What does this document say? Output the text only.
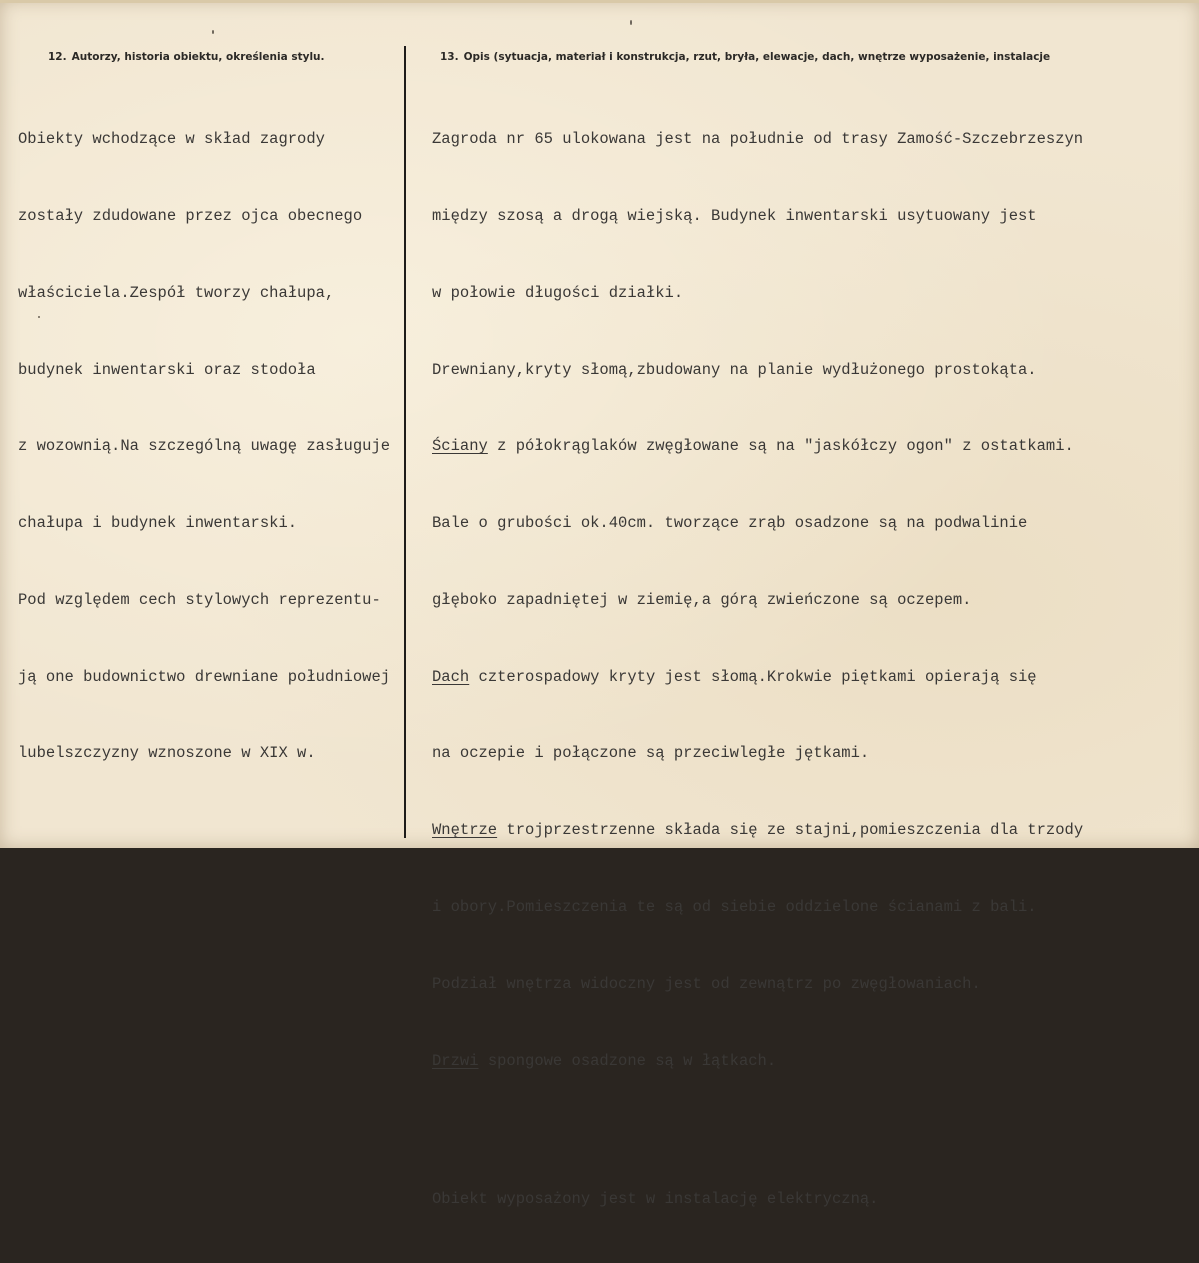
12. Autorzy, historia obiektu, określenia stylu.	13. Opis (sytuacja, materiał i konstrukcja, rzut, bryła, elewacje, dach, wnętrze wyposażenie, instalacje

Obiekty wchodzące w skład zagrody

zostały zdudowane przez ojca obecnego

właściciela.Zespół tworzy chałupa,

budynek inwentarski oraz stodoła

z wozownią.Na szczególną uwagę zasługuje

chałupa i budynek inwentarski.

Pod względem cech stylowych reprezentu-

ją one budownictwo drewniane południowej

lubelszczyzny wznoszone w XIX w.

Zagroda nr 65 ulokowana jest na południe od trasy Zamość-Szczebrzeszyn

między szosą a drogą wiejską. Budynek inwentarski usytuowany jest

w połowie długości działki.

Drewniany,kryty słomą,zbudowany na planie wydłużonego prostokąta.

Ściany z półokrąglaków zwęgłowane są na "jaskółczy ogon" z ostatkami.

Bale o grubości ok.40cm. tworzące zrąb osadzone są na podwalinie

głęboko zapadniętej w ziemię,a górą zwieńczone są oczepem.

Dach czterospadowy kryty jest słomą.Krokwie piętkami opierają się

na oczepie i połączone są przeciwległe jętkami.

Wnętrze trojprzestrzenne składa się ze stajni,pomieszczenia dla trzody

i obory.Pomieszczenia te są od siebie oddzielone ścianami z bali.

Podział wnętrza widoczny jest od zewnątrz po zwęgłowaniach.

Drzwi spongowe osadzone są w łątkach.

Obiekt wyposażony jest w instalację elektryczną.
